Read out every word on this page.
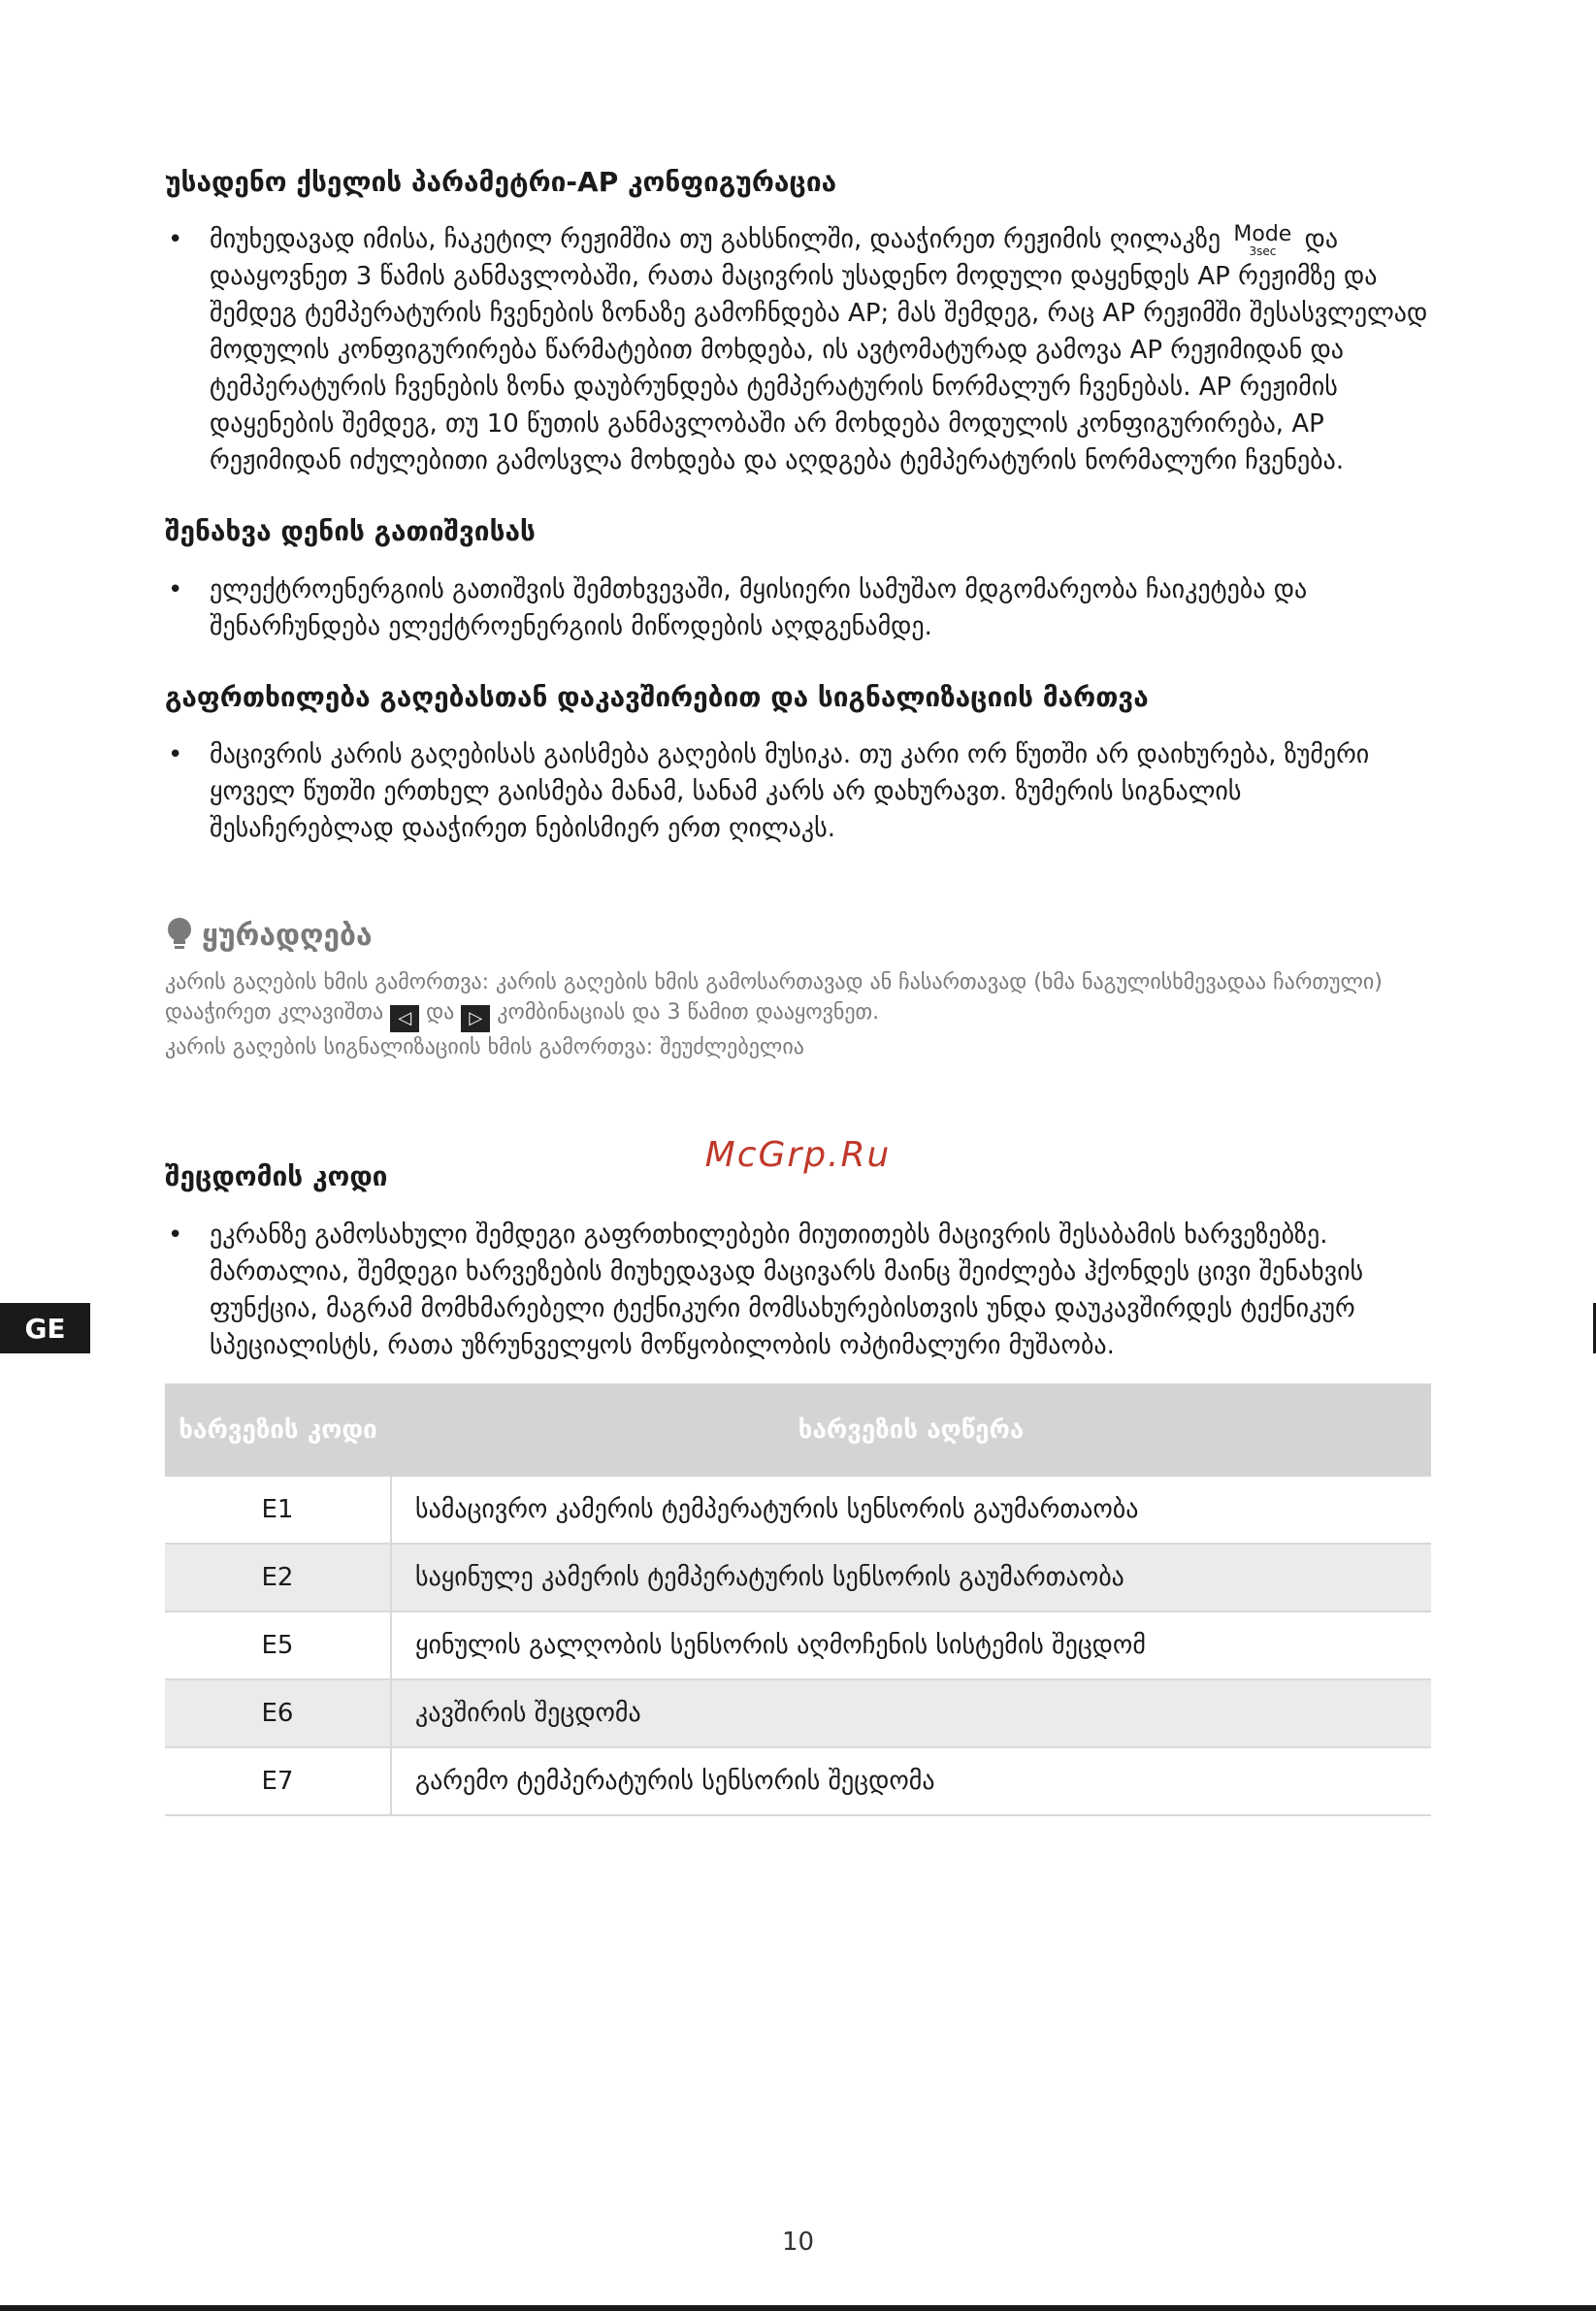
უსადენო ქსელის პარამეტრი-AP კონფიგურაცია
• მიუხედავად იმისა, ჩაკეტილ რეჟიმშია თუ გახსნილში, დააჭირეთ რეჟიმის ღილაკზე Mode
3sec და დააყოვნეთ 3 წამის განმავლობაში, რათა მაცივრის უსადენო მოდული დაყენდეს AP რეჟიმზე და შემდეგ ტემპერატურის ჩვენების ზონაზე გამოჩნდება AP; მას შემდეგ, რაც AP რეჟიმში შესასვლელად მოდულის კონფიგურირება წარმატებით მოხდება, ის ავტომატურად გამოვა AP რეჟიმიდან და ტემპერატურის ჩვენების ზონა დაუბრუნდება ტემპერატურის ნორმალურ ჩვენებას. AP რეჟიმის დაყენების შემდეგ, თუ 10 წუთის განმავლობაში არ მოხდება მოდულის კონფიგურირება, AP რეჟიმიდან იძულებითი გამოსვლა მოხდება და აღდგება ტემპერატურის ნორმალური ჩვენება.
შენახვა დენის გათიშვისას
• ელექტროენერგიის გათიშვის შემთხვევაში, მყისიერი სამუშაო მდგომარეობა ჩაიკეტება და შენარჩუნდება ელექტროენერგიის მიწოდების აღდგენამდე.
გაფრთხილება გაღებასთან დაკავშირებით და სიგნალიზაციის მართვა
• მაცივრის კარის გაღებისას გაისმება გაღების მუსიკა. თუ კარი ორ წუთში არ დაიხურება, ზუმერი ყოველ წუთში ერთხელ გაისმება მანამ, სანამ კარს არ დახურავთ. ზუმერის სიგნალის შესაჩერებლად დააჭირეთ ნებისმიერ ერთ ღილაკს.
ყურადღება

კარის გაღების ხმის გამორთვა: კარის გაღების ხმის გამოსართავად ან ჩასართავად (ხმა ნაგულისხმევადაა ჩართული) დააჭირეთ კლავიშთა ◁ და ▷ კომბინაციას და 3 წამით დააყოვნეთ.

კარის გაღების სიგნალიზაციის ხმის გამორთვა: შეუძლებელია

შეცდომის კოდი
• ეკრანზე გამოსახული შემდეგი გაფრთხილებები მიუთითებს მაცივრის შესაბამის ხარვეზებზე. მართალია, შემდეგი ხარვეზების მიუხედავად მაცივარს მაინც შეიძლება ჰქონდეს ცივი შენახვის ფუნქცია, მაგრამ მომხმარებელი ტექნიკური მომსახურებისთვის უნდა დაუკავშირდეს ტექნიკურ სპეციალისტს, რათა უზრუნველყოს მოწყობილობის ოპტიმალური მუშაობა.
ხარვეზის კოდი	ხარვეზის აღწერა
E1	სამაცივრო კამერის ტემპერატურის სენსორის გაუმართაობა
E2	საყინულე კამერის ტემპერატურის სენსორის გაუმართაობა
E5	ყინულის გალღობის სენსორის აღმოჩენის სისტემის შეცდომ
E6	კავშირის შეცდომა
E7	გარემო ტემპერატურის სენსორის შეცდომა
McGrp.Ru
GE
10
